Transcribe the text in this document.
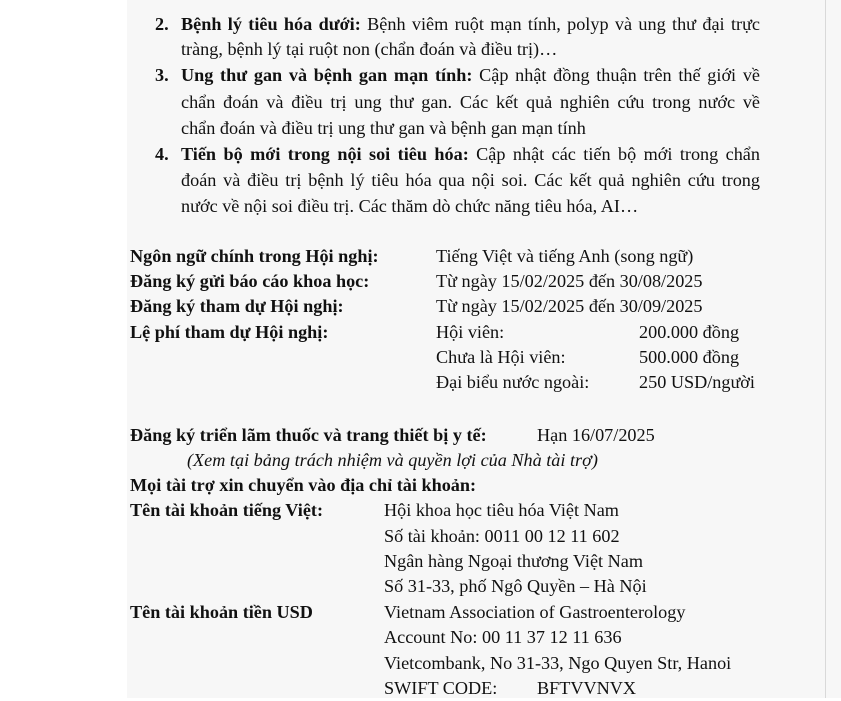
2. Bệnh lý tiêu hóa dưới: Bệnh viêm ruột mạn tính, polyp và ung thư đại trực
tràng, bệnh lý tại ruột non (chẩn đoán và điều trị)…
3. Ung thư gan và bệnh gan mạn tính: Cập nhật đồng thuận trên thế giới về
chẩn đoán và điều trị ung thư gan. Các kết quả nghiên cứu trong nước về
chẩn đoán và điều trị ung thư gan và bệnh gan mạn tính
4. Tiến bộ mới trong nội soi tiêu hóa: Cập nhật các tiến bộ mới trong chẩn
đoán và điều trị bệnh lý tiêu hóa qua nội soi. Các kết quả nghiên cứu trong
nước về nội soi điều trị. Các thăm dò chức năng tiêu hóa, AI…
Ngôn ngữ chính trong Hội nghị:	Tiếng Việt và tiếng Anh (song ngữ)
Đăng ký gửi báo cáo khoa học:	Từ ngày 15/02/2025 đến 30/08/2025
Đăng ký tham dự Hội nghị:	Từ ngày 15/02/2025 đến 30/09/2025
Lệ phí tham dự Hội nghị:	Hội viên:	200.000 đồng
Chưa là Hội viên:	500.000 đồng
Đại biểu nước ngoài:	250 USD/người
Đăng ký triển lãm thuốc và trang thiết bị y tế:	Hạn 16/07/2025
(Xem tại bảng trách nhiệm và quyền lợi của Nhà tài trợ)
Mọi tài trợ xin chuyển vào địa chỉ tài khoản:
Tên tài khoản tiếng Việt:	Hội khoa học tiêu hóa Việt Nam
Số tài khoản: 0011 00 12 11 602
Ngân hàng Ngoại thương Việt Nam
Số 31-33, phố Ngô Quyền – Hà Nội
Tên tài khoản tiền USD	Vietnam Association of Gastroenterology
Account No: 00 11 37 12 11 636
Vietcombank, No 31-33, Ngo Quyen Str, Hanoi
SWIFT CODE: BFTVVNVX
